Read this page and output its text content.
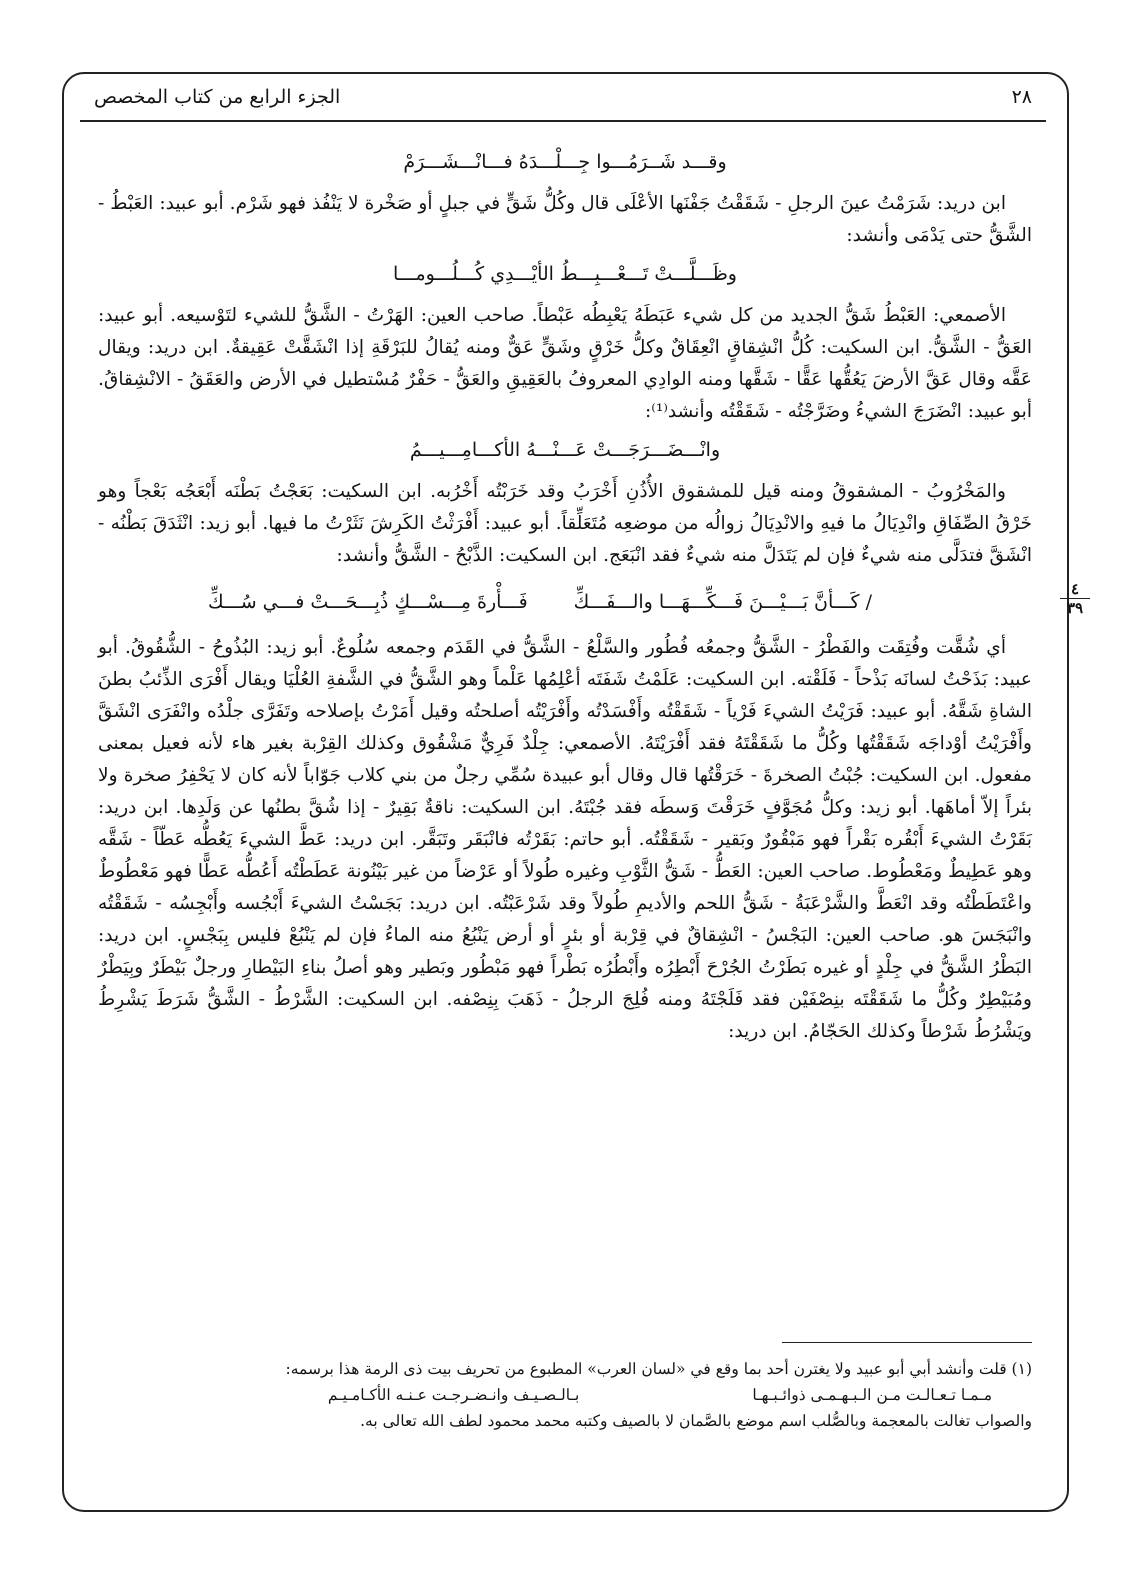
٢٨
الجزء الرابع من كتاب المخصص
وقـــد شَــرَمُـــوا جِـــلْـــدَهُ فـــانْـــشَـــرَمْ

ابن دريد: شَرَمْتُ عينَ الرجلِ - شَقَقْتُ جَفْنَها الأعْلَى قال وكُلُّ شَقٍّ في جبلٍ أو صَخْرة لا يَنْفُذ فهو شَرْم. أبو عبيد: العَبْطُ - الشَّقُّ حتى يَدْمَى وأنشد:

وظَـــلَّـــتْ تَـــعْـــبِـــطُ الأيْـــدِي كُـــلُـــومـــا

الأصمعي: العَبْطُ شَقُّ الجديد من كل شيء عَبَطَهُ يَعْبِطُه عَبْطاً. صاحب العين: الهَرْتُ - الشَّقُّ للشيء لتَوْسيعه. أبو عبيد: العَقُّ - الشَّقُّ. ابن السكيت: كُلُّ انْشِقاقٍ انْعِقَاقٌ وكلُّ خَرْقٍ وشَقٍّ عَقٌّ ومنه يُقالُ للبَرْقَةِ إذا انْشَقَّتْ عَقِيقةٌ. ابن دريد: ويقال عَقَّه وقال عَقَّ الأرضَ يَعُقُّها عَقًّا - شَقَّها ومنه الوادِي المعروفُ بالعَقِيقِ والعَقُّ - حَفْرٌ مُسْتطيل في الأرض والعَقَقُ - الانْشِقاقُ. أبو عبيد: انْضَرَجَ الشيءُ وضَرَّجْتُه - شَقَقْتُه وأنشد⁽¹⁾:

وانْـــضَـــرَجَـــتْ عَـــنْـــهُ الأكـــامِـــيـــمُ

والمَخْرُوبُ - المشقوقُ ومنه قيل للمشقوق الأُذُنِ أَخْرَبُ وقد خَرَبْتُه أَخْرُبه. ابن السكيت: بَعَجْتُ بَطْنَه أَبْعَجُه بَعْجاً وهو خَرْقُ الصِّفَاقِ وانْدِيَالُ ما فيهِ والانْدِيَالُ زوالُه من موضعِه مُتَعَلِّقاً. أبو عبيد: أَفْرَثْتُ الكَرِشَ نَثَرْتُ ما فيها. أبو زيد: انْثَدَقَ بَطْنُه - انْشَقَّ فتدَلَّى منه شيءٌ فإن لم يَتَدَلَّ منه شيءٌ فقد انْبَعَج. ابن السكيت: الذَّبْحُ - الشَّقُّ وأنشد:

٤
٣٩
/ كَـــأنَّ بَـــيْـــنَ فَـــكِّـــهَـــا والـــفَـــكِّ
فَـــأْرةَ مِـــسْـــكٍ ذُبِـــحَـــتْ فـــي سُـــكِّ

أي شُقَّت وفُتِقَت والفَطْرُ - الشَّقُّ وجمعُه فُطُور والسَّلْعُ - الشَّقُّ في القَدَم وجمعه سُلُوعٌ. أبو زيد: البُذُوحُ - الشُّقُوقُ. أبو عبيد: بَذَحْتُ لسانَه بَذْحاً - فَلَقْته. ابن السكيت: عَلَمْتُ شَفَتَه أعْلِمُها عَلْماً وهو الشَّقُّ في الشَّفةِ العُلْيَا ويقال أَفْرَى الذِّئبُ بطنَ الشاةِ شَقَّهُ. أبو عبيد: فَرَيْتُ الشيءَ فَرْياً - شَقَقْتُه وأَفْسَدْتُه وأَفْرَيْتُه أصلحتُه وقيل أَمَرْتُ بإصلاحه وتَفَرَّى جلْدُه وانْفَرَى انْشَقَّ وأَفْرَيْتُ أوْداجَه شَقَقْتُها وكُلُّ ما شَقَقْتَهُ فقد أَفْرَيْتَهُ. الأصمعي: جِلْدٌ فَرِيٌّ مَشْقُوق وكذلك القِرْبة بغير هاء لأنه فعيل بمعنى مفعول. ابن السكيت: جُبْتُ الصخرةَ - خَرَقْتُها قال وقال أبو عبيدة سُمِّي رجلٌ من بني كلاب جَوّاباً لأنه كان لا يَحْفِرُ صخرة ولا بئراً إلاّ أماهَها. أبو زيد: وكلُّ مُجَوَّفٍ خَرَقْتَ وَسطَه فقد جُبْتَهُ. ابن السكيت: ناقةٌ بَقِيرٌ - إذا شُقَّ بطنُها عن وَلَدِها. ابن دريد: بَقَرْتُ الشيءَ أَبْقُره بَقْراً فهو مَبْقُورٌ وبَقير - شَقَقْتُه. أبو حاتم: بَقَرْتُه فانْبَقَر وتَبَقَّر. ابن دريد: عَطَّ الشيءَ يَعُطُّه عَطّاً - شَقَّه وهو عَطِيطٌ ومَعْطُوط. صاحب العين: العَطُّ - شَقُّ الثَّوْبِ وغيره طُولاً أو عَرْضاً من غير بَيْنُونة عَطَطْتُه أَعُطُّه عَطًّا فهو مَعْطُوطٌ واعْتَطَطْتُه وقد انْعَطَّ والشَّرْعَبَةُ - شَقُّ اللحم والأديمِ طُولاً وقد شَرْعَبْتُه. ابن دريد: بَجَسْتُ الشيءَ أَبْجُسه وأَبْجِسُه - شَقَقْتُه وانْبَجَسَ هو. صاحب العين: البَجْسُ - انْشِقاقٌ في قِرْبة أو بئرٍ أو أرض يَنْبُعُ منه الماءُ فإن لم يَنْبُعْ فليس بِبَجْسٍ. ابن دريد: البَطْرُ الشَّقُّ في جِلْدٍ أو غيره بَطَرْتُ الجُرْحَ أَبْطِرُه وأَبْطُرُه بَطْراً فهو مَبْطُور وبَطير وهو أصلُ بناءِ البَيْطارِ ورجلٌ بَيْطَرٌ وبِيَطْرٌ ومُبَيْطِرٌ وكُلُّ ما شَقَقْتَه بنِصْفَيْن فقد فَلَجْتَهُ ومنه فُلِجَ الرجلُ - ذَهَبَ بِنِصْفه. ابن السكيت: الشَّرْطُ - الشَّقُّ شَرَطَ يَشْرِطُ ويَشْرُطُ شَرْطاً وكذلك الحَجّامُ. ابن دريد:

(١) قلت وأنشد أبي أبو عبيد ولا يغترن أحد بما وقع في «لسان العرب» المطبوع من تحريف بيت ذى الرمة هذا برسمه:

مـمـا تـعـالـت مـن الـبـهـمـى ذوائـبـهـا بـالـصـيـف وانـضـرجـت عـنـه الأكـامـيـم

والصواب تغالت بالمعجمة وبالصُّلب اسم موضع بالصَّمان لا بالصيف وكتبه محمد محمود لطف الله تعالى به.
